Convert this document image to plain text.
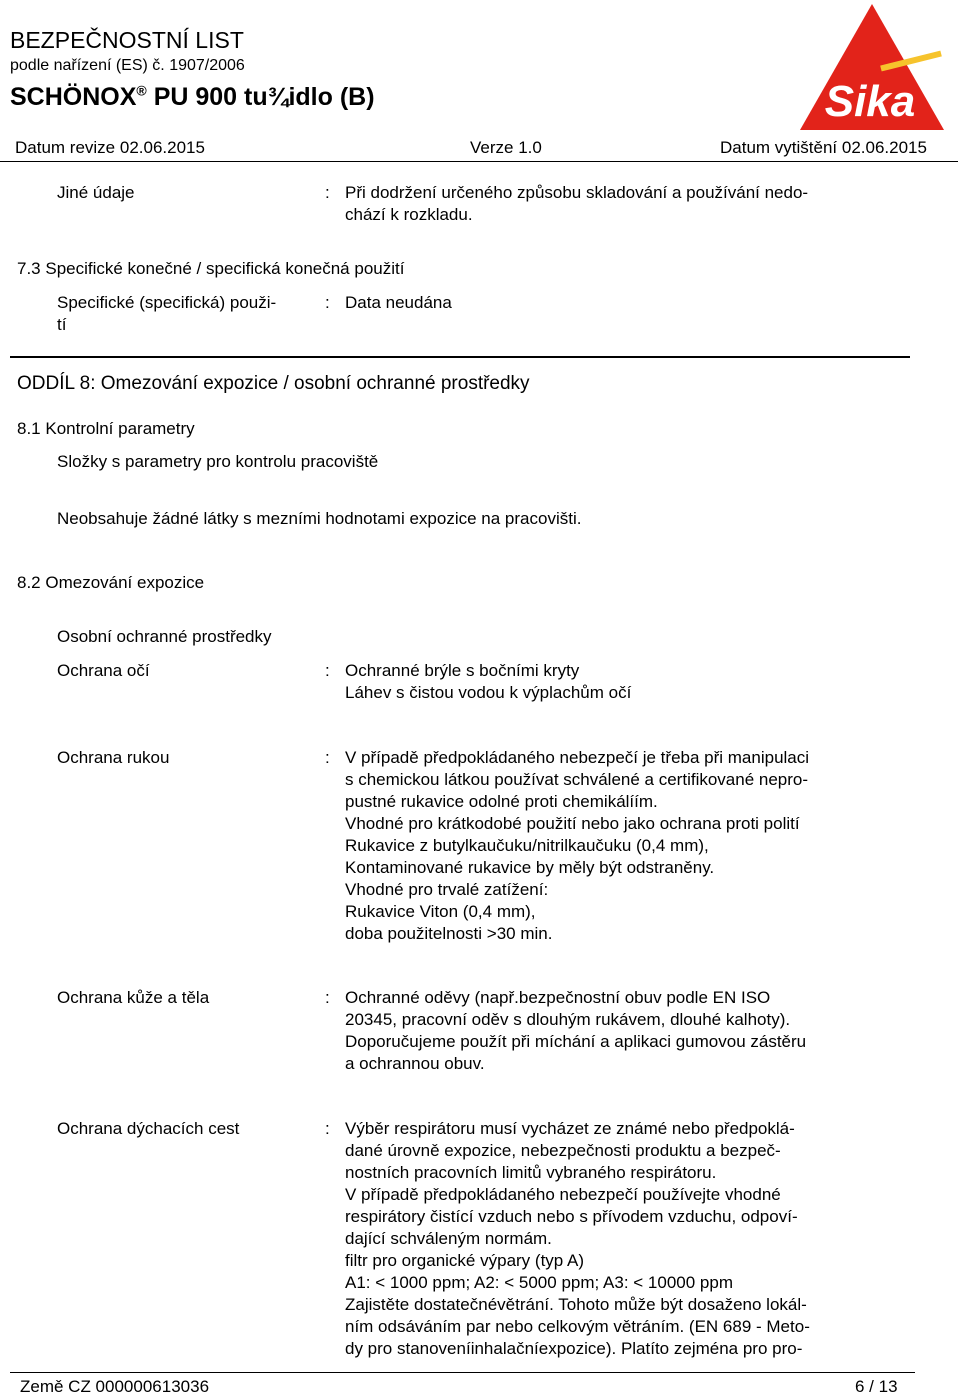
BEZPEČNOSTNÍ LIST
podle nařízení (ES) č. 1907/2006
SCHÖNOX® PU 900 tu¾idlo (B)	Sika
Datum revize 02.06.2015	Verze 1.0	Datum vytištění 02.06.2015
Jiné údaje	: Při dodržení určeného způsobu skladování a používání nedo-
chází k rozkladu.
7.3 Specifické konečné / specifická konečná použití
Specifické (specifická) použi-
tí
: Data neudána
ODDÍL 8: Omezování expozice / osobní ochranné prostředky
8.1 Kontrolní parametry
Složky s parametry pro kontrolu pracoviště
Neobsahuje žádné látky s mezními hodnotami expozice na pracovišti.
8.2 Omezování expozice
Osobní ochranné prostředky
Ochrana očí	: Ochranné brýle s bočními kryty
Láhev s čistou vodou k výplachům očí
Ochrana rukou	: V případě předpokládaného nebezpečí je třeba při manipulaci
s chemickou látkou používat schválené a certifikované nepro-
pustné rukavice odolné proti chemikálíím.
Vhodné pro krátkodobé použití nebo jako ochrana proti polití
Rukavice z butylkaučuku/nitrilkaučuku (0,4 mm),
Kontaminované rukavice by měly být odstraněny.
Vhodné pro trvalé zatížení:
Rukavice Viton (0,4 mm),
doba použitelnosti >30 min.
Ochrana kůže a těla	: Ochranné oděvy (např.bezpečnostní obuv podle EN ISO
20345, pracovní oděv s dlouhým rukávem, dlouhé kalhoty).
Doporučujeme použít při míchání a aplikaci gumovou zástěru
a ochrannou obuv.
Ochrana dýchacích cest	: Výběr respirátoru musí vycházet ze známé nebo předpoklá-
dané úrovně expozice, nebezpečnosti produktu a bezpeč-
nostních pracovních limitů vybraného respirátoru.
V případě předpokládaného nebezpečí používejte vhodné
respirátory čistící vzduch nebo s přívodem vzduchu, odpoví-
dající schváleným normám.
filtr pro organické výpary (typ A)
A1: < 1000 ppm; A2: < 5000 ppm; A3: < 10000 ppm
Zajistěte dostatečnévětrání. Tohoto může být dosaženo lokál-
ním odsáváním par nebo celkovým větráním. (EN 689 - Meto-
dy pro stanoveníinhalačníexpozice). Platíto zejména pro pro-
Země CZ 000000613036	6 / 13
